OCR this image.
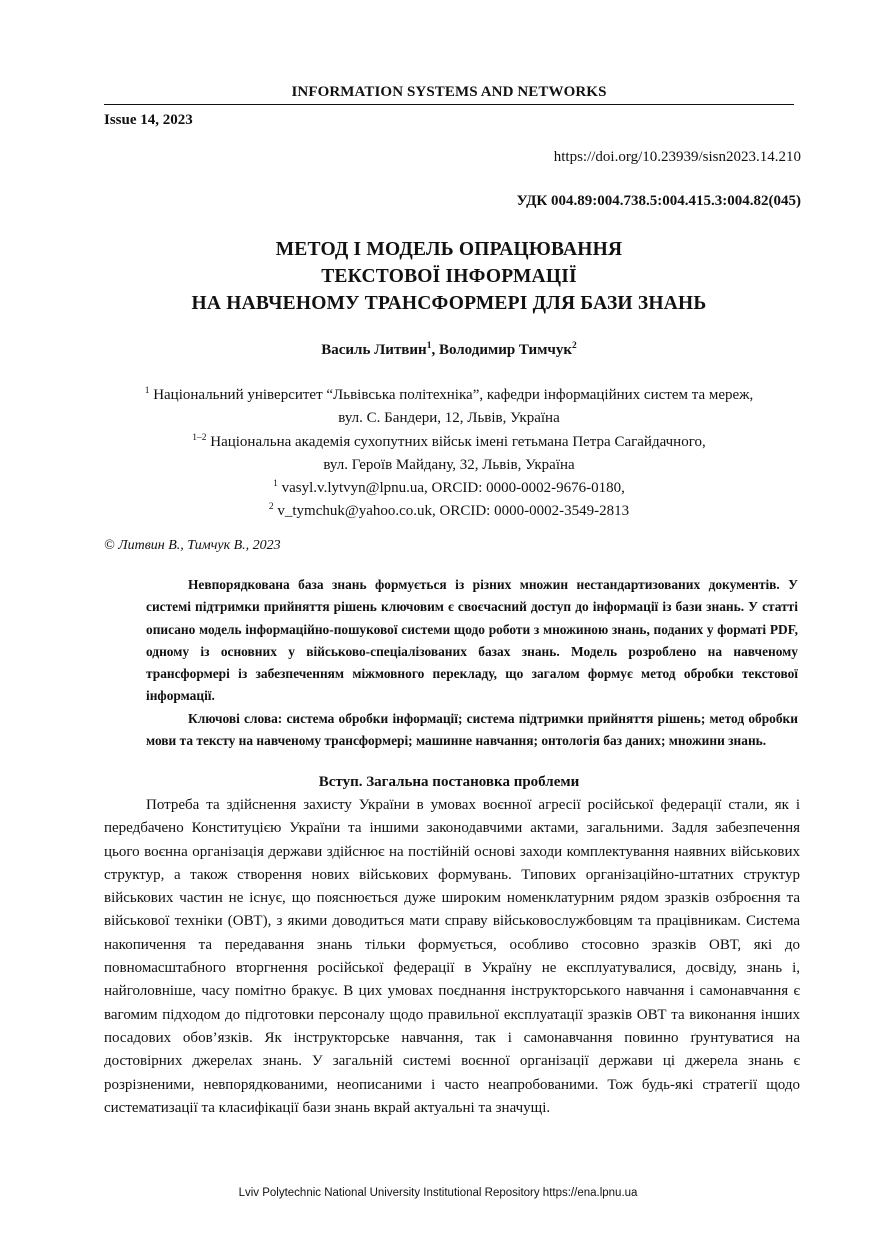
INFORMATION SYSTEMS AND NETWORKS
Issue 14, 2023
https://doi.org/10.23939/sisn2023.14.210
УДК 004.89:004.738.5:004.415.3:004.82(045)
МЕТОД І МОДЕЛЬ ОПРАЦЮВАННЯ
ТЕКСТОВОЇ ІНФОРМАЦІЇ
НА НАВЧЕНОМУ ТРАНСФОРМЕРІ ДЛЯ БАЗИ ЗНАНЬ
Василь Литвин$^1$, Володимир Тимчук$^2$
$^1$ Національний університет “Львівська політехніка”, кафедри інформаційних систем та мереж,
вул. С. Бандери, 12, Львів, Україна
$^{1-2}$ Національна академія сухопутних військ імені гетьмана Петра Сагайдачного,
вул. Героїв Майдану, 32, Львів, Україна
$^1$ vasyl.v.lytvyn@lpnu.ua, ORCID: 0000-0002-9676-0180,
$^2$ v_tymchuk@yahoo.co.uk, ORCID: 0000-0002-3549-2813
© Литвин В., Тимчук В., 2023

Невпорядкована база знань формується із різних множин нестандартизованих документів. У системі підтримки прийняття рішень ключовим є своєчасний доступ до інформації із бази знань. У статті описано модель інформаційно-пошукової системи щодо роботи з множиною знань, поданих у форматі PDF, одному із основних у військово-спеціалізованих базах знань. Модель розроблено на навченому трансформері із забезпеченням міжмовного перекладу, що загалом формує метод обробки текстової інформації.

Ключові слова: система обробки інформації; система підтримки прийняття рішень; метод обробки мови та тексту на навченому трансформері; машинне навчання; онтологія баз даних; множини знань.

Вступ. Загальна постановка проблеми

Потреба та здійснення захисту України в умовах воєнної агресії російської федерації стали, як і передбачено Конституцією України та іншими законодавчими актами, загальними. Задля забезпечення цього воєнна організація держави здійснює на постійній основі заходи комплектування наявних військових структур, а також створення нових військових формувань. Типових організаційно-штатних структур військових частин не існує, що пояснюється дуже широким номенклатурним рядом зразків озброєння та військової техніки (ОВТ), з якими доводиться мати справу військовослужбовцям та працівникам. Система накопичення та передавання знань тільки формується, особливо стосовно зразків ОВТ, які до повномасштабного вторгнення російської федерації в Україну не експлуатувалися, досвіду, знань і, найголовніше, часу помітно бракує. В цих умовах поєднання інструкторського навчання і самонавчання є вагомим підходом до підготовки персоналу щодо правильної експлуатації зразків ОВТ та виконання інших посадових обов’язків. Як інструкторське навчання, так і самонавчання повинно ґрунтуватися на достовірних джерелах знань. У загальній системі воєнної організації держави ці джерела знань є розрізненими, невпорядкованими, неописаними і часто неапробованими. Тож будь-які стратегії щодо систематизації та класифікації бази знань вкрай актуальні та значущі.

Lviv Polytechnic National University Institutional Repository https://ena.lpnu.ua
